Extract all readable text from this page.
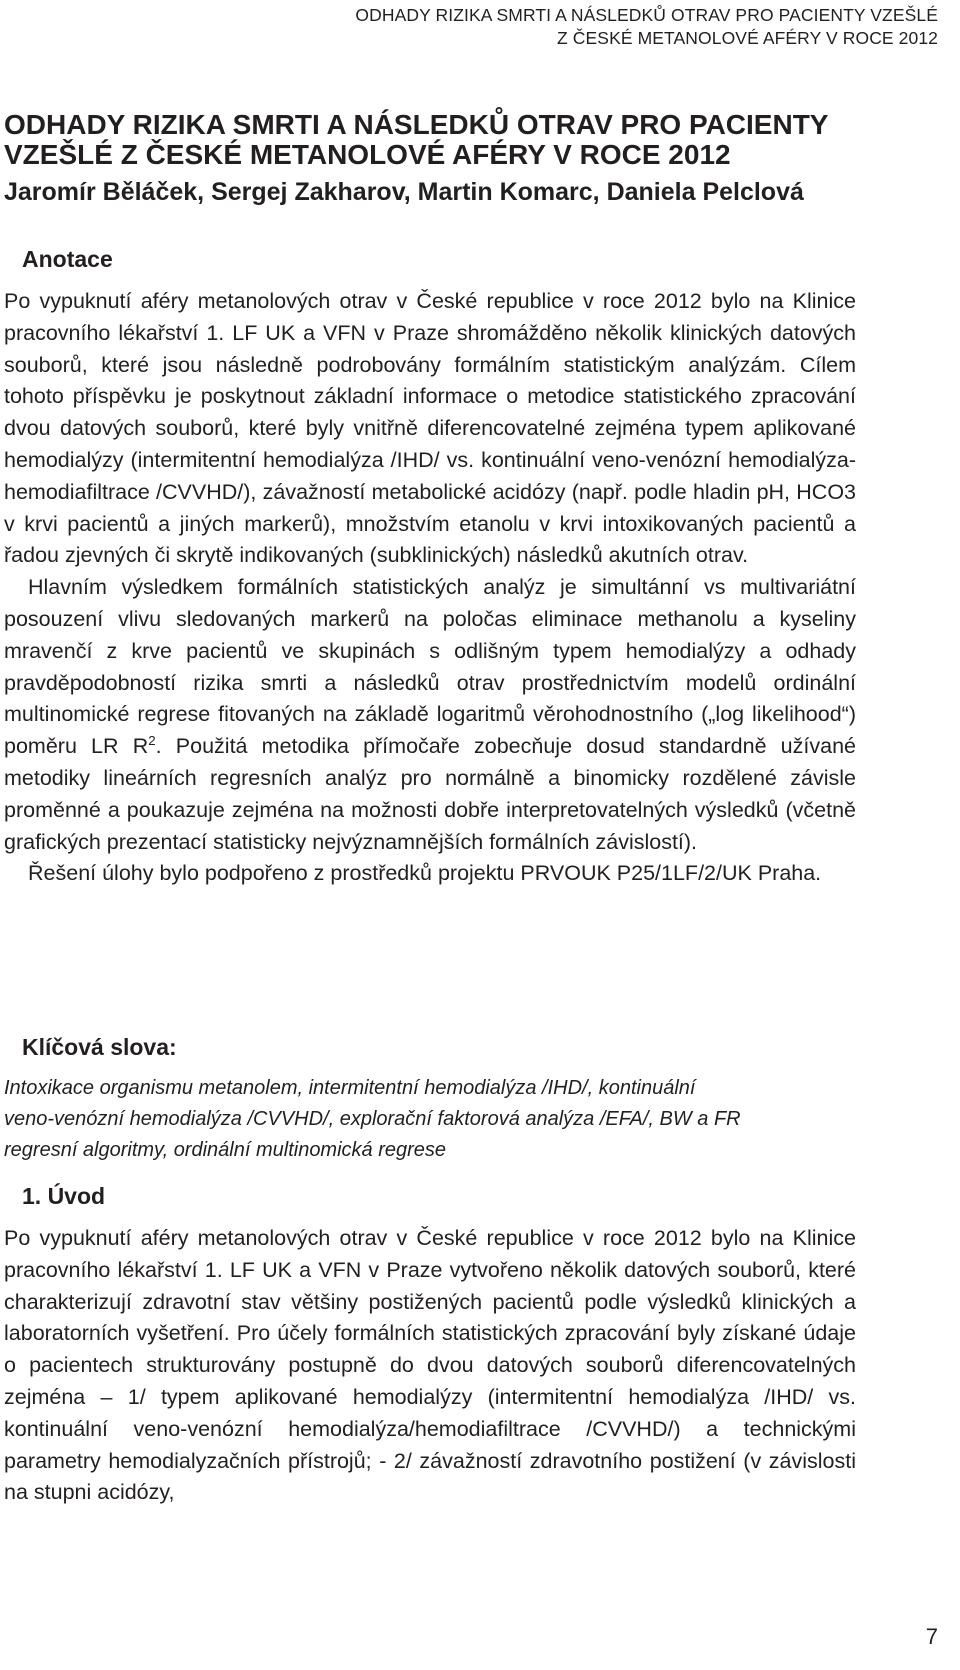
ODHADY RIZIKA SMRTI A NÁSLEDKŮ OTRAV PRO PACIENTY VZEŠLÉ
Z ČESKÉ METANOLOVÉ AFÉRY V ROCE 2012
ODHADY RIZIKA SMRTI A NÁSLEDKŮ OTRAV PRO PACIENTY
VZEŠLÉ Z ČESKÉ METANOLOVÉ AFÉRY V ROCE 2012
Jaromír Běláček, Sergej Zakharov, Martin Komarc, Daniela Pelclová
Anotace

Po vypuknutí aféry metanolových otrav v České republice v roce 2012 bylo na Klinice pracovního lékařství 1. LF UK a VFN v Praze shromážděno několik klinických datových souborů, které jsou následně podrobovány formálním statistickým analýzám. Cílem tohoto příspěvku je poskytnout základní informace o metodice statistického zpracování dvou datových souborů, které byly vnitřně diferencovatelné zejména typem aplikované hemodialýzy (intermitentní hemodialýza /IHD/ vs. kontinuální veno-venózní hemodialýza-hemodiafiltrace /CVVHD/), závažností metabolické acidózy (např. podle hladin pH, HCO3 v krvi pacientů a jiných markerů), množstvím etanolu v krvi intoxikovaných pacientů a řadou zjevných či skrytě indikovaných (subklinických) následků akutních otrav.

Hlavním výsledkem formálních statistických analýz je simultánní vs multivariátní posouzení vlivu sledovaných markerů na poločas eliminace methanolu a kyseliny mravenčí z krve pacientů ve skupinách s odlišným typem hemodialýzy a odhady pravděpodobností rizika smrti a následků otrav prostřednictvím modelů ordinální multinomické regrese fitovaných na základě logaritmů věrohodnostního („log likelihood“) poměru LR $R^2$. Použitá metodika přímočaře zobecňuje dosud standardně užívané metodiky lineárních regresních analýz pro normálně a binomicky rozdělené závisle proměnné a poukazuje zejména na možnosti dobře interpretovatelných výsledků (včetně grafických prezentací statisticky nejvýznamnějších formálních závislostí).

Řešení úlohy bylo podpořeno z prostředků projektu PRVOUK P25/1LF/2/UK Praha.

Klíčová slova:
Intoxikace organismu metanolem, intermitentní hemodialýza /IHD/, kontinuální
veno-venózní hemodialýza /CVVHD/, explorační faktorová analýza /EFA/, BW a FR
regresní algoritmy, ordinální multinomická regrese
1. Úvod

Po vypuknutí aféry metanolových otrav v České republice v roce 2012 bylo na Klinice pracovního lékařství 1. LF UK a VFN v Praze vytvořeno několik datových souborů, které charakterizují zdravotní stav většiny postižených pacientů podle výsledků klinických a laboratorních vyšetření. Pro účely formálních statistických zpracování byly získané údaje o pacientech strukturovány postupně do dvou datových souborů diferencovatelných zejména – 1/ typem aplikované hemodialýzy (intermitentní hemodialýza /IHD/ vs. kontinuální veno-venózní hemodialýza/hemodiafiltrace /CVVHD/) a technickými parametry hemodialyzačních přístrojů; - 2/ závažností zdravotního postižení (v závislosti na stupni acidózy,

7
